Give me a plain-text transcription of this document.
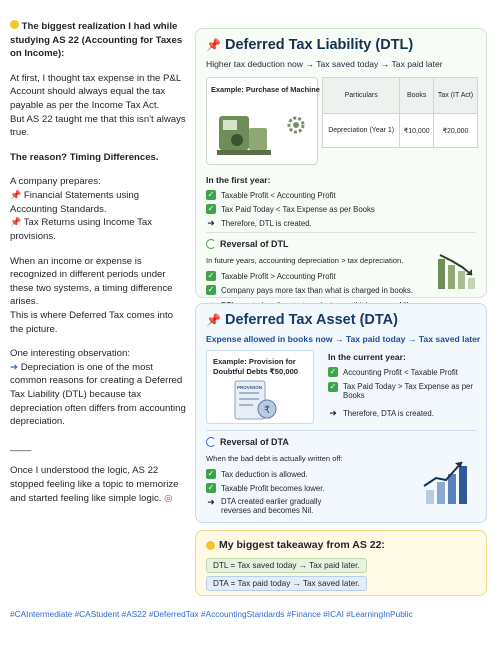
The biggest realization I had while studying AS 22 (Accounting for Taxes on Income):

At first, I thought tax expense in the P&L Account should always equal the tax payable as per the Income Tax Act.
But AS 22 taught me that this isn't always true.

The reason? Timing Differences.

A company prepares:
📌 Financial Statements using Accounting Standards.
📌 Tax Returns using Income Tax provisions.

When an income or expense is recognized in different periods under these two systems, a timing difference arises.
This is where Deferred Tax comes into the picture.

One interesting observation:
➜ Depreciation is one of the most common reasons for creating a Deferred Tax Liability (DTL) because tax depreciation often differs from accounting depreciation.

____

Once I understood the logic, AS 22 stopped feeling like a topic to memorize and started feeling like simple logic. ◎

📌 Deferred Tax Liability (DTL)
Higher tax deduction now → Tax saved today → Tax paid later
Example: Purchase of Machine
Particulars	Books	Tax (IT Act)
Depreciation (Year 1)	₹10,000	₹20,000
In the first year:
✓ Taxable Profit < Accounting Profit
✓ Tax Paid Today < Tax Expense as per Books
➜ Therefore, DTL is created.
Reversal of DTL
In future years, accounting depreciation > tax depreciation.
✓ Taxable Profit > Accounting Profit
✓ Company pays more tax than what is charged in books.
📌 Deferred Tax Asset (DTA)
Expense allowed in books now → Tax paid today → Tax saved later
Example: Provision for Doubtful Debts ₹50,000
₹
PROVISION
In the current year:
✓ Accounting Profit < Taxable Profit
✓ Tax Paid Today > Tax Expense as per Books
➜ Therefore, DTA is created.
Reversal of DTA
When the bad debt is actually written off:
✓ Tax deduction is allowed.
✓ Taxable Profit becomes lower.
➜ DTA created earlier gradually reverses and becomes Nil.
My biggest takeaway from AS 22:
DTL = Tax saved today → Tax paid later.
DTA = Tax paid today → Tax saved later.
#CAIntermediate #CAStudent #AS22 #DeferredTax #AccountingStandards #Finance #ICAI #LearningInPublic
